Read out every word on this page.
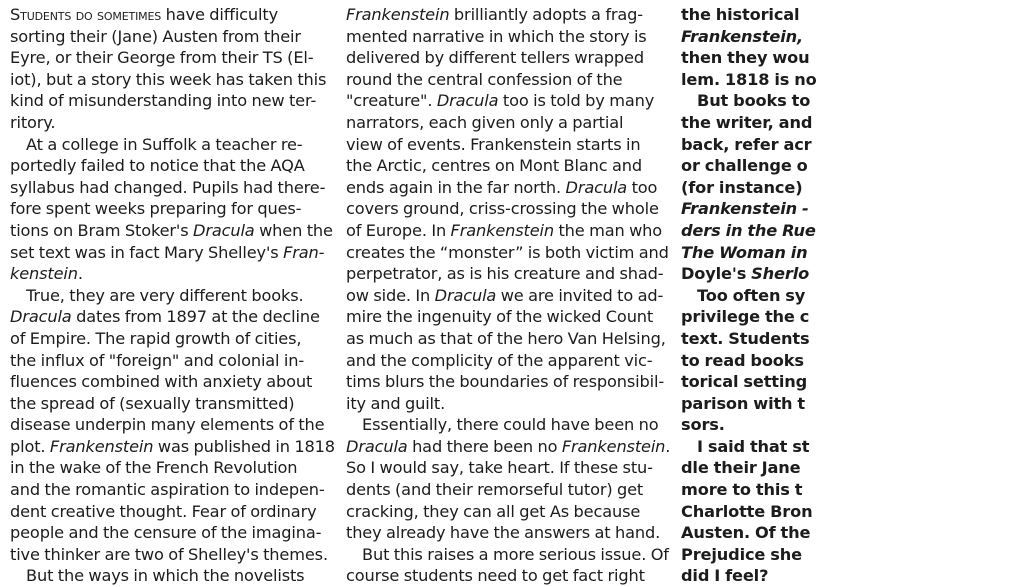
Students do sometimes have difficulty
sorting their (Jane) Austen from their
Eyre, or their George from their TS (El-
iot), but a story this week has taken this
kind of misunderstanding into new ter-
ritory.
At a college in Suffolk a teacher re-
portedly failed to notice that the AQA
syllabus had changed. Pupils had there-
fore spent weeks preparing for ques-
tions on Bram Stoker's Dracula when the
set text was in fact Mary Shelley's Fran-
kenstein.
True, they are very different books.
Dracula dates from 1897 at the decline
of Empire. The rapid growth of cities,
the influx of "foreign" and colonial in-
fluences combined with anxiety about
the spread of (sexually transmitted)
disease underpin many elements of the
plot. Frankenstein was published in 1818
in the wake of the French Revolution
and the romantic aspiration to indepen-
dent creative thought. Fear of ordinary
people and the censure of the imagina-
tive thinker are two of Shelley's themes.
But the ways in which the novelists
Frankenstein brilliantly adopts a frag-
mented narrative in which the story is
delivered by different tellers wrapped
round the central confession of the
"creature". Dracula too is told by many
narrators, each given only a partial
view of events. Frankenstein starts in
the Arctic, centres on Mont Blanc and
ends again in the far north. Dracula too
covers ground, criss-crossing the whole
of Europe. In Frankenstein the man who
creates the “monster” is both victim and
perpetrator, as is his creature and shad-
ow side. In Dracula we are invited to ad-
mire the ingenuity of the wicked Count
as much as that of the hero Van Helsing,
and the complicity of the apparent vic-
tims blurs the boundaries of responsibil-
ity and guilt.
Essentially, there could have been no
Dracula had there been no Frankenstein.
So I would say, take heart. If these stu-
dents (and their remorseful tutor) get
cracking, they can all get As because
they already have the answers at hand.
But this raises a more serious issue. Of
course students need to get fact right
the historical
Frankenstein,
then they wou
lem. 1818 is no
But books to
the writer, and
back, refer acr
or challenge o
(for instance)
Frankenstein -
ders in the Rue
The Woman in
Doyle's Sherlo
Too often sy
privilege the c
text. Students
to read books
torical setting
parison with t
sors.
I said that st
dle their Jane
more to this t
Charlotte Bron
Austen. Of the
Prejudice she
did I feel?
